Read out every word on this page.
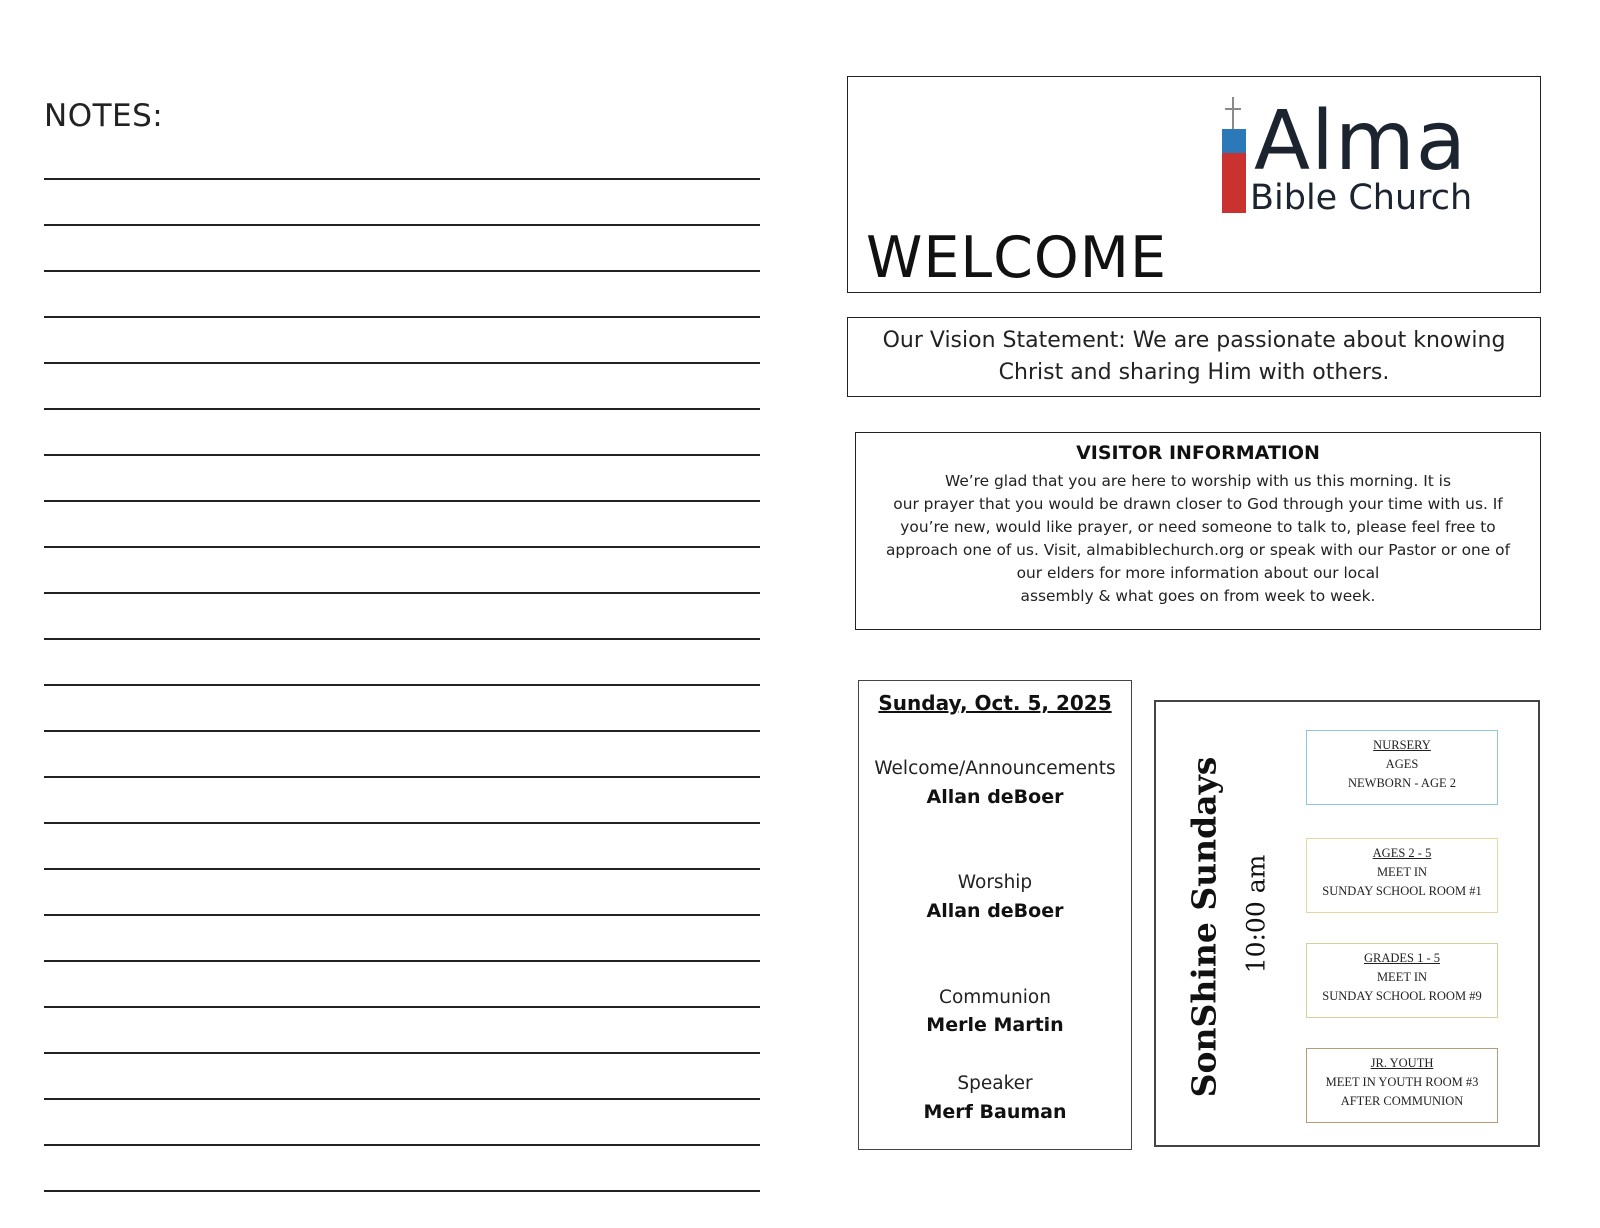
NOTES:	Alma
Bible Church
WELCOME
Our Vision Statement: We are passionate about knowing
Christ and sharing Him with others.
VISITOR INFORMATION
We’re glad that you are here to worship with us this morning. It is
our prayer that you would be drawn closer to God through your time with us. If
you’re new, would like prayer, or need someone to talk to, please feel free to
approach one of us. Visit, almabiblechurch.org or speak with our Pastor or one of
our elders for more information about our local
assembly & what goes on from week to week.
Sunday, Oct. 5, 2025
Welcome/Announcements
Allan deBoer
Worship
Allan deBoer
Communion
Merle Martin
Speaker
Merf Bauman
SonShine Sundays 10:00 am
NURSERY
AGES
NEWBORN - AGE 2
AGES 2 - 5
MEET IN
SUNDAY SCHOOL ROOM #1
GRADES 1 - 5
MEET IN
SUNDAY SCHOOL ROOM #9
JR. YOUTH
MEET IN YOUTH ROOM #3
AFTER COMMUNION
